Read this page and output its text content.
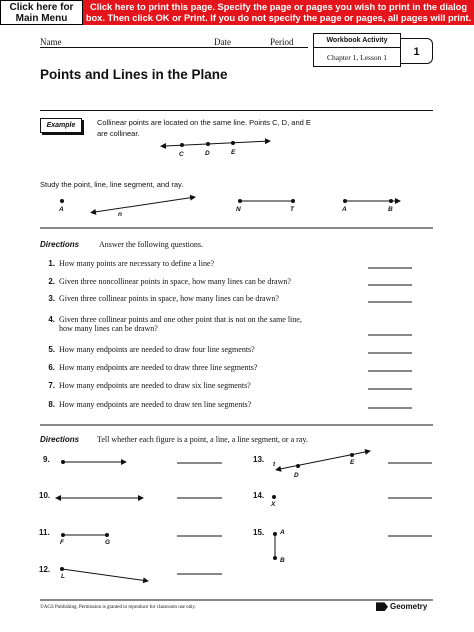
Click here for
Main Menu
Click here to print this page. Specify the page or pages you wish to print in the dialog
box. Then click OK or Print. If you do not specify the page or pages, all pages will print.
Name	Date	Period	Workbook Activity
Chapter 1, Lesson 1	1
Points and Lines in the Plane
Example	Collinear points are located on the same line. Points C, D, and E
are collinear.
C	D	E
Study the point, line, line segment, and ray.
A
n
N	T	A	B
Directions Answer the following questions.
1. How many points are necessary to define a line?
2. Given three noncollinear points in space, how many lines can be drawn?
3. Given three collinear points in space, how many lines can be drawn?
4. Given three collinear points and one other point that is not on the same line,
how many lines can be drawn?
5. How many endpoints are needed to draw four line segments?
6. How many endpoints are needed to draw three line segments?
7. How many endpoints are needed to draw six line segments?
8. How many endpoints are needed to draw ten line segments?
Directions Tell whether each figure is a point, a line, a line segment, or a ray.
9.
10.
11.
12.
13.
14.
15.
F	G
L
t
D
E
X
A
B
©AGS Publishing. Permission is granted to reproduce for classroom use only.	Geometry
